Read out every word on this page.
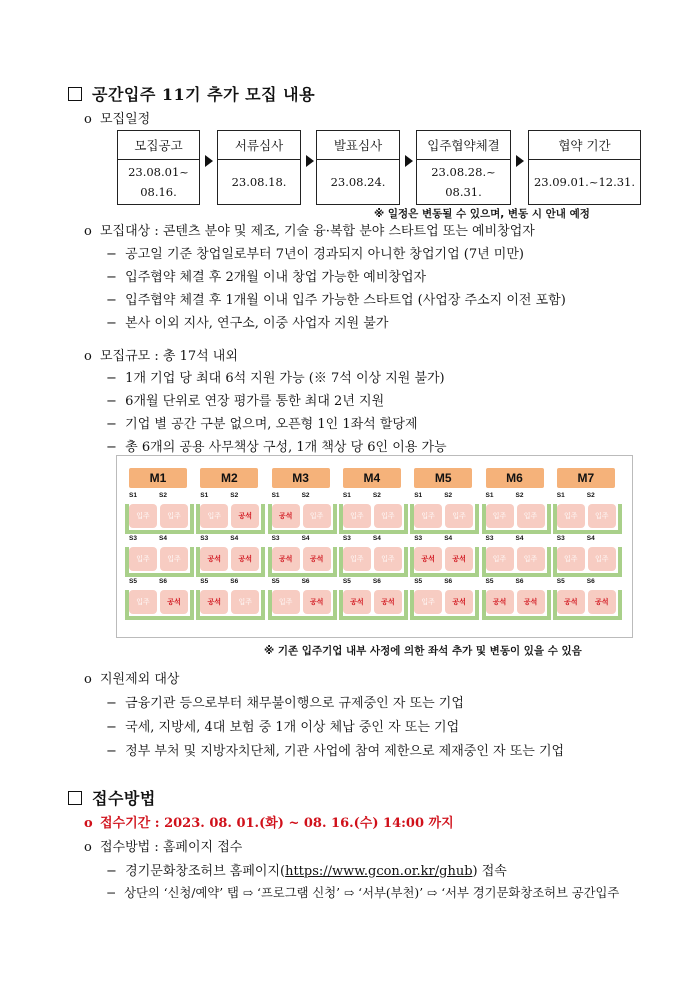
공간입주 11기 추가 모집 내용
ο 모집일정
모집공고
23.08.01~
08.16.
서류심사
23.08.18.
발표심사
23.08.24.
입주협약체결
23.08.28.~
08.31.
협약 기간
23.09.01.~12.31.
※ 일정은 변동될 수 있으며, 변동 시 안내 예정
ο 모집대상 : 콘텐츠 분야 및 제조, 기술 융·복합 분야 스타트업 또는 예비창업자
−  공고일 기준 창업일로부터 7년이 경과되지 아니한 창업기업 (7년 미만)
−  입주협약 체결 후 2개월 이내 창업 가능한 예비창업자
−  입주협약 체결 후 1개월 이내 입주 가능한 스타트업 (사업장 주소지 이전 포함)
−  본사 이외 지사, 연구소, 이중 사업자 지원 불가
ο 모집규모 : 총 17석 내외
−  1개 기업 당 최대 6석 지원 가능 (※ 7석 이상 지원 불가)
−  6개월 단위로 연장 평가를 통한 최대 2년 지원
−  기업 별 공간 구분 없으며, 오픈형 1인 1좌석 할당제
−  총 6개의 공용 사무책상 구성, 1개 책상 당 6인 이용 가능
M1
S1
입주
S2
입주
S3
입주
S4
입주
S5
입주
S6
공석
M2
S1
입주
S2
공석
S3
공석
S4
공석
S5
공석
S6
입주
M3
S1
공석
S2
입주
S3
공석
S4
공석
S5
입주
S6
공석
M4
S1
입주
S2
입주
S3
입주
S4
입주
S5
공석
S6
공석
M5
S1
입주
S2
입주
S3
공석
S4
공석
S5
입주
S6
공석
M6
S1
입주
S2
입주
S3
입주
S4
입주
S5
공석
S6
공석
M7
S1
입주
S2
입주
S3
입주
S4
입주
S5
공석
S6
공석
※ 기존 입주기업 내부 사정에 의한 좌석 추가 및 변동이 있을 수 있음
ο 지원제외 대상
−  금융기관 등으로부터 채무불이행으로 규제중인 자 또는 기업
−  국세, 지방세, 4대 보험 중 1개 이상 체납 중인 자 또는 기업
−  정부 부처 및 지방자치단체, 기관 사업에 참여 제한으로 제재중인 자 또는 기업
접수방법
ο 접수기간 : 2023. 08. 01.(화) ~ 08. 16.(수) 14:00 까지
ο 접수방법 : 홈페이지 접수
−  경기문화창조허브 홈페이지(https://www.gcon.or.kr/ghub) 접속
−  상단의 ‘신청/예약’ 탭 ⇨ ‘프로그램 신청’ ⇨ ‘서부(부천)’ ⇨ ‘서부 경기문화창조허브 공간입주
